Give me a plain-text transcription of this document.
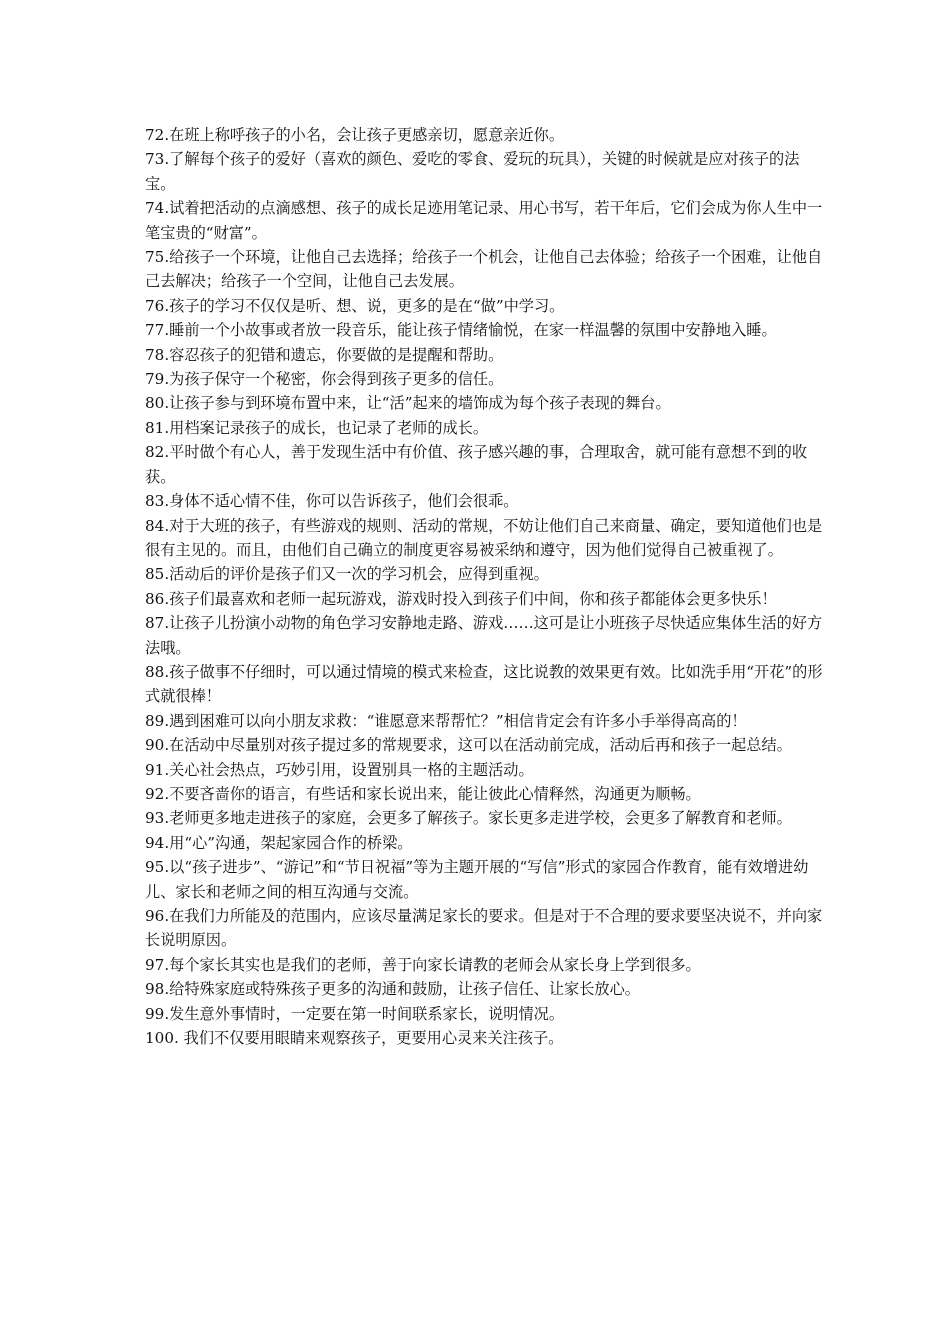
72.在班上称呼孩子的小名，会让孩子更感亲切，愿意亲近你。

73.了解每个孩子的爱好（喜欢的颜色、爱吃的零食、爱玩的玩具），关键的时候就是应对孩子的法宝。

74.试着把活动的点滴感想、孩子的成长足迹用笔记录、用心书写，若干年后，它们会成为你人生中一笔宝贵的“财富”。

75.给孩子一个环境，让他自己去选择；给孩子一个机会，让他自己去体验；给孩子一个困难，让他自己去解决；给孩子一个空间，让他自己去发展。

76.孩子的学习不仅仅是听、想、说，更多的是在“做”中学习。

77.睡前一个小故事或者放一段音乐，能让孩子情绪愉悦，在家一样温馨的氛围中安静地入睡。

78.容忍孩子的犯错和遗忘，你要做的是提醒和帮助。

79.为孩子保守一个秘密，你会得到孩子更多的信任。

80.让孩子参与到环境布置中来，让“活”起来的墙饰成为每个孩子表现的舞台。

81.用档案记录孩子的成长，也记录了老师的成长。

82.平时做个有心人，善于发现生活中有价值、孩子感兴趣的事，合理取舍，就可能有意想不到的收获。

83.身体不适心情不佳，你可以告诉孩子，他们会很乖。

84.对于大班的孩子，有些游戏的规则、活动的常规，不妨让他们自己来商量、确定，要知道他们也是很有主见的。而且，由他们自己确立的制度更容易被采纳和遵守，因为他们觉得自己被重视了。

85.活动后的评价是孩子们又一次的学习机会，应得到重视。

86.孩子们最喜欢和老师一起玩游戏，游戏时投入到孩子们中间，你和孩子都能体会更多快乐！

87.让孩子儿扮演小动物的角色学习安静地走路、游戏……这可是让小班孩子尽快适应集体生活的好方法哦。

88.孩子做事不仔细时，可以通过情境的模式来检查，这比说教的效果更有效。比如洗手用“开花”的形式就很棒！

89.遇到困难可以向小朋友求救：“谁愿意来帮帮忙？”相信肯定会有许多小手举得高高的！

90.在活动中尽量别对孩子提过多的常规要求，这可以在活动前完成，活动后再和孩子一起总结。

91.关心社会热点，巧妙引用，设置别具一格的主题活动。

92.不要吝啬你的语言，有些话和家长说出来，能让彼此心情释然，沟通更为顺畅。

93.老师更多地走进孩子的家庭，会更多了解孩子。家长更多走进学校，会更多了解教育和老师。

94.用“心”沟通，架起家园合作的桥梁。

95.以“孩子进步”、“游记”和“节日祝福”等为主题开展的“写信”形式的家园合作教育，能有效增进幼儿、家长和老师之间的相互沟通与交流。

96.在我们力所能及的范围内，应该尽量满足家长的要求。但是对于不合理的要求要坚决说不，并向家长说明原因。

97.每个家长其实也是我们的老师，善于向家长请教的老师会从家长身上学到很多。

98.给特殊家庭或特殊孩子更多的沟通和鼓励，让孩子信任、让家长放心。

99.发生意外事情时，一定要在第一时间联系家长，说明情况。

100. 我们不仅要用眼睛来观察孩子，更要用心灵来关注孩子。
